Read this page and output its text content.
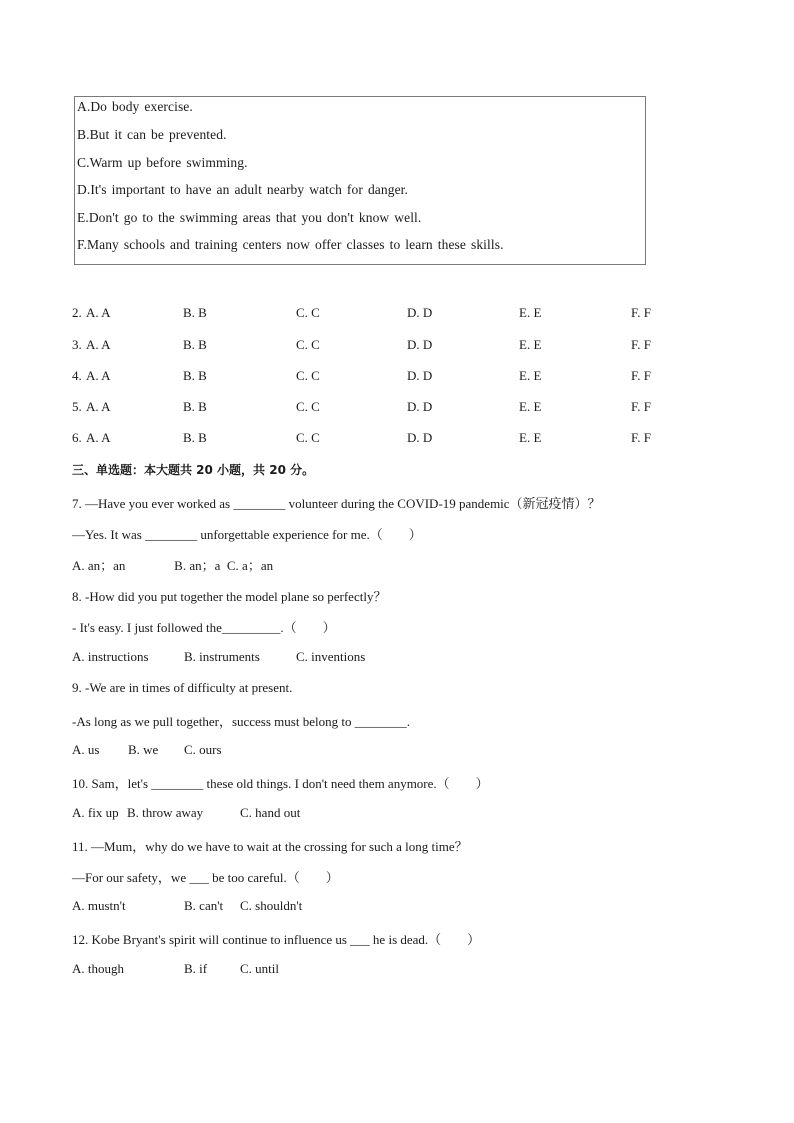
A.Do body exercise.
B.But it can be prevented.
C.Warm up before swimming.
D.It's important to have an adult nearby watch for danger.
E.Don't go to the swimming areas that you don't know well.
F.Many schools and training centers now offer classes to learn these skills.
2. A. A	B. B	C. C	D. D	E. E	F. F
3. A. A	B. B	C. C	D. D	E. E	F. F
4. A. A	B. B	C. C	D. D	E. E	F. F
5. A. A	B. B	C. C	D. D	E. E	F. F
6. A. A	B. B	C. C	D. D	E. E	F. F
三、单选题：本大题共 20 小题，共 20 分。
7. —Have you ever worked as ________ volunteer during the COVID-19 pandemic（新冠疫情）？
—Yes. It was ________ unforgettable experience for me.（　　）
A. an；an               B. an；a  C. a；an
8. -How did you put together the model plane so perfectly？
- It's easy. I just followed the_________.（　　）
A. instructions	B. instruments	C. inventions
9. -We are in times of difficulty at present.
-As long as we pull together，success must belong to ________.
A. us B. we C. ours
10. Sam，let's ________ these old things. I don't need them anymore.（　　）
A. fix up B. throw away	C. hand out
11. —Mum，why do we have to wait at the crossing for such a long time？
—For our safety，we ___ be too careful.（　　）
A. mustn't	B. can't C. shouldn't
12. Kobe Bryant's spirit will continue to influence us ___ he is dead.（　　）
A. though	B. if	C. until
